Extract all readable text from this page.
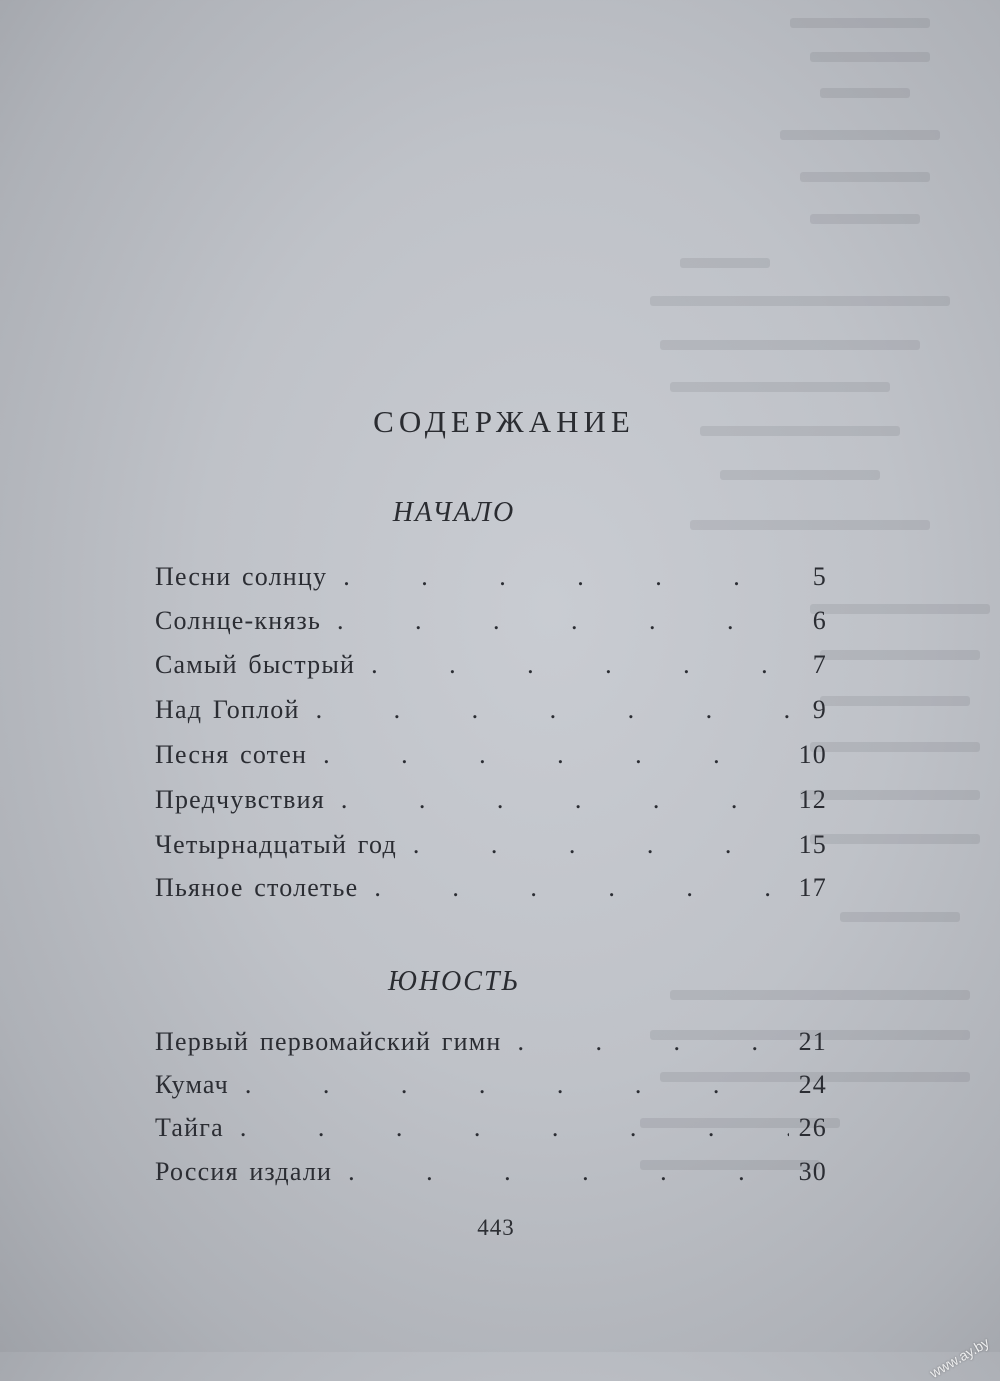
СОДЕРЖАНИЕ
НАЧАЛО
Песни солнцу .	5
Солнце-князь .	6
Самый быстрый .	7
Над Гоплой .	9
Песня сотен .	10
Предчувствия .	12
Четырнадцатый год .	15
Пьяное столетье .	17
ЮНОСТЬ
Первый первомайский гимн .	21
Кумач .	24
Тайга .	26
Россия издали .	30
443
www.ay.by
